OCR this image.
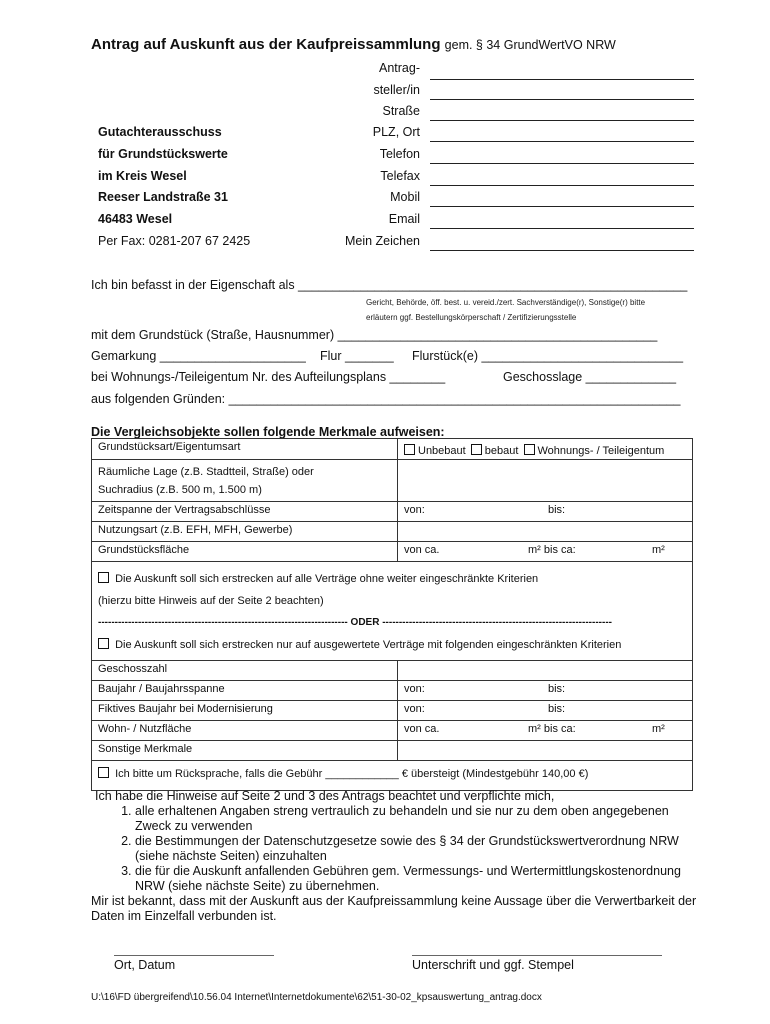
Antrag auf Auskunft aus der Kaufpreissammlung gem. § 34 GrundWertVO NRW
Antrag-
steller/in
Straße
PLZ, Ort
Telefon
Telefax
Mobil
Email
Mein Zeichen
Gutachterausschuss
für Grundstückswerte
im Kreis Wesel
Reeser Landstraße 31
46483 Wesel
Per Fax: 0281-207 67 2425
Ich bin befasst in der Eigenschaft als ________________________________________________________
Gericht, Behörde, öff. best. u. vereid./zert. Sachverständige(r), Sonstige(r) bitte
erläutern ggf. Bestellungskörperschaft / Zertifizierungsstelle
mit dem Grundstück (Straße, Hausnummer) ______________________________________________
Gemarkung _____________________ Flur _______ Flurstück(e) _____________________________
bei Wohnungs-/Teileigentum Nr. des Aufteilungsplans ________	Geschosslage _____________
aus folgenden Gründen: _________________________________________________________________
Die Vergleichsobjekte sollen folgende Merkmale aufweisen:
Grundstücksart/Eigentumsart	Unbebaut bebaut Wohnungs- / Teileigentum

Räumliche Lage (z.B. Stadtteil, Straße) oder
Suchradius (z.B. 500 m, 1.500 m)	

Zeitspanne der Vertragsabschlüsse	von: bis:

Nutzungsart (z.B. EFH, MFH, Gewerbe)	
Grundstücksfläche	von ca. m² bis ca: m²

Die Auskunft soll sich erstrecken auf alle Verträge ohne weiter eingeschränkte Kriterien
(hierzu bitte Hinweis auf der Seite 2 beachten)
--------------------------------------------------------------------------- ODER ---------------------------------------------------------------------
Die Auskunft soll sich erstrecken nur auf ausgewertete Verträge mit folgenden eingeschränkten Kriterien	

Geschosszahl	
Baujahr / Baujahrsspanne	von: bis:

Fiktives Baujahr bei Modernisierung	von: bis:

Wohn- / Nutzfläche	von ca. m² bis ca: m²

Sonstige Merkmale	
Ich bitte um Rücksprache, falls die Gebühr ____________ € übersteigt (Mindestgebühr 140,00 €)	
Ich habe die Hinweise auf Seite 2 und 3 des Antrags beachtet und verpflichte mich,
1. alle erhaltenen Angaben streng vertraulich zu behandeln und sie nur zu dem oben angegebenen Zweck zu verwenden
2. die Bestimmungen der Datenschutzgesetze sowie des § 34 der Grundstückswertverordnung NRW (siehe nächste Seiten) einzuhalten
3. die für die Auskunft anfallenden Gebühren gem. Vermessungs- und Wertermittlungskostenordnung NRW (siehe nächste Seite) zu übernehmen.
Mir ist bekannt, dass mit der Auskunft aus der Kaufpreissammlung keine Aussage über die Verwertbarkeit der Daten im Einzelfall verbunden ist.
Ort, Datum	Unterschrift und ggf. Stempel
U:\16\FD übergreifend\10.56.04 Internet\Internetdokumente\62\51-30-02_kpsauswertung_antrag.docx
